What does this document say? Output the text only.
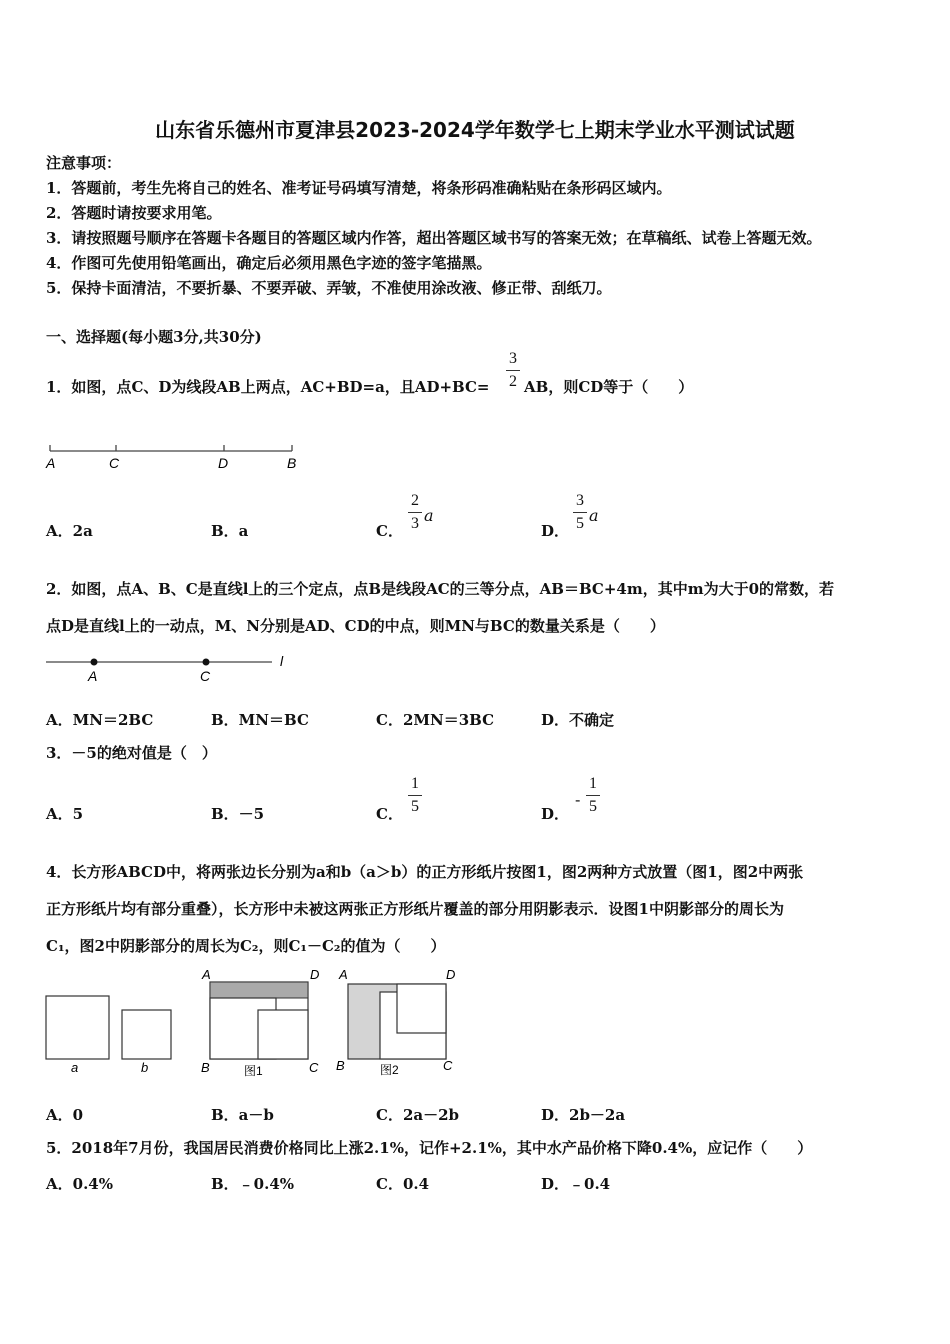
山东省乐德州市夏津县2023-2024学年数学七上期末学业水平测试试题
注意事项：
1．答题前，考生先将自己的姓名、准考证号码填写清楚，将条形码准确粘贴在条形码区域内。
2．答题时请按要求用笔。
3．请按照题号顺序在答题卡各题目的答题区域内作答，超出答题区域书写的答案无效；在草稿纸、试卷上答题无效。
4．作图可先使用铅笔画出，确定后必须用黑色字迹的签字笔描黑。
5．保持卡面清洁，不要折暴、不要弄破、弄皱，不准使用涂改液、修正带、刮纸刀。
一、选择题(每小题3分,共30分)
1．如图，点C、D为线段AB上两点，AC+BD=a，且AD+BC=
3
2 AB，则CD等于（　　）
A	C	D	B
A．2a	B．a	C．
2
3 a
D．
3
5 a
2．如图，点A、B、C是直线l上的三个定点，点B是线段AC的三等分点，AB＝BC+4m，其中m为大于0的常数，若
点D是直线l上的一动点，M、N分别是AD、CD的中点，则MN与BC的数量关系是（　　）
A	C
l
A．MN＝2BC	B．MN＝BC	C．2MN＝3BC	D．不确定
3．－5的绝对值是（　）
A．5	B．－5	C．
1
5	D．
-
1
5
4．长方形ABCD中，将两张边长分别为a和b（a＞b）的正方形纸片按图1，图2两种方式放置（图1，图2中两张
正方形纸片均有部分重叠），长方形中未被这两张正方形纸片覆盖的部分用阴影表示．设图1中阴影部分的周长为
C₁，图2中阴影部分的周长为C₂，则C₁－C₂的值为（　　）
a	b
A	D
B	C
图1
A	D
B	C
图2
A．0	B．a－b	C．2a－2b	D．2b－2a
5．2018年7月份，我国居民消费价格同比上涨2.1%，记作+2.1%，其中水产品价格下降0.4%，应记作（　　）
A．0.4%	B．﹣0.4%	C．0.4	D．﹣0.4
